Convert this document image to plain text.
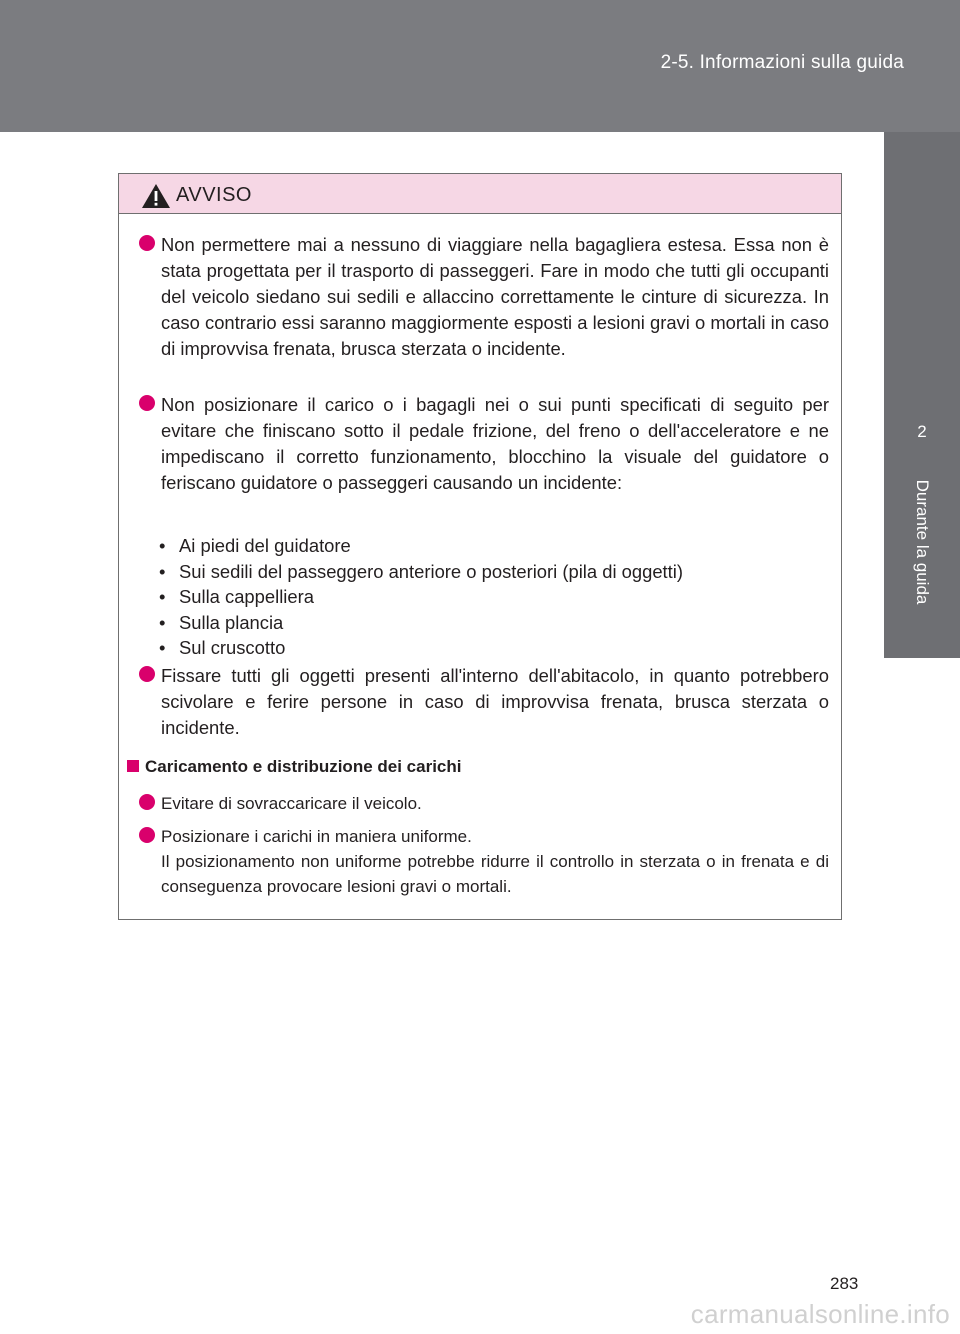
2-5. Informazioni sulla guida
2
Durante la guida
AVVISO
Non permettere mai a nessuno di viaggiare nella bagagliera estesa. Essa non è stata progettata per il trasporto di passeggeri. Fare in modo che tutti gli occupanti del veicolo siedano sui sedili e allaccino correttamente le cinture di sicurezza. In caso contrario essi saranno maggiormente esposti a lesioni gravi o mortali in caso di improvvisa frenata, brusca sterzata o incidente.
Non posizionare il carico o i bagagli nei o sui punti specificati di seguito per evitare che finiscano sotto il pedale frizione, del freno o dell'acceleratore e ne impediscano il corretto funzionamento, blocchino la visuale del guidatore o feriscano guidatore o passeggeri causando un incidente:
• Ai piedi del guidatore
• Sui sedili del passeggero anteriore o posteriori (pila di oggetti)
• Sulla cappelliera
• Sulla plancia
• Sul cruscotto
Fissare tutti gli oggetti presenti all'interno dell'abitacolo, in quanto potrebbero scivolare e ferire persone in caso di improvvisa frenata, brusca sterzata o incidente.
Caricamento e distribuzione dei carichi
Evitare di sovraccaricare il veicolo.
Posizionare i carichi in maniera uniforme.
Il posizionamento non uniforme potrebbe ridurre il controllo in sterzata o in frenata e di conseguenza provocare lesioni gravi o mortali.
283
carmanualsonline.info
